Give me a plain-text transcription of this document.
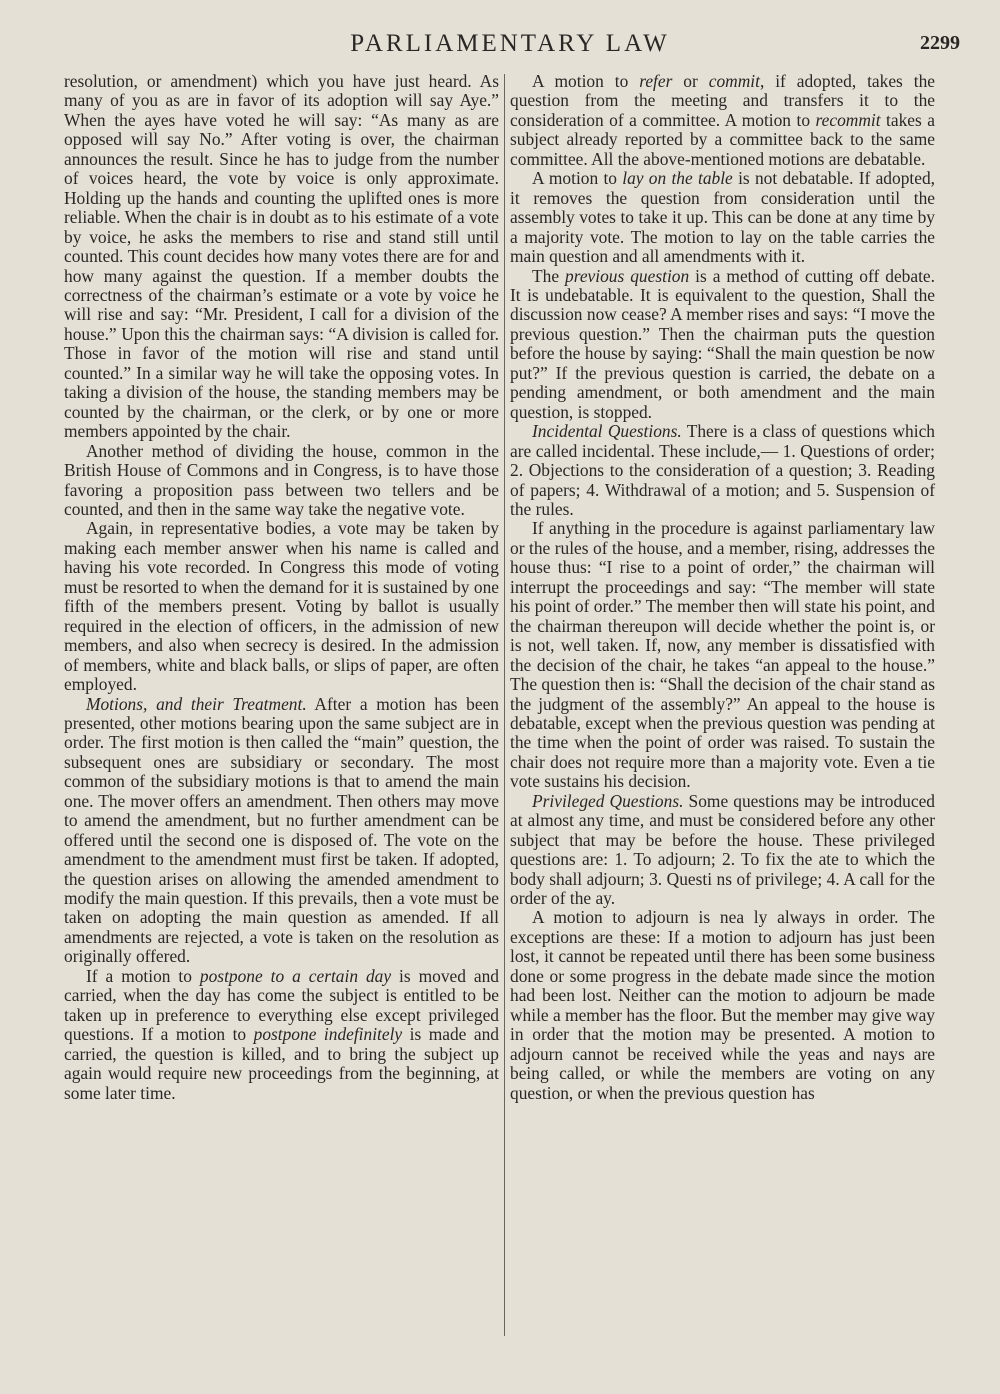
PARLIAMENTARY LAW	2299

resolution, or amendment) which you have just heard. As many of you as are in favor of its adoption will say Aye.” When the ayes have voted he will say: “As many as are opposed will say No.” After voting is over, the chairman announces the result. Since he has to judge from the number of voices heard, the vote by voice is only approximate. Holding up the hands and counting the uplifted ones is more reliable. When the chair is in doubt as to his estimate of a vote by voice, he asks the members to rise and stand still until counted. This count decides how many votes there are for and how many against the question. If a member doubts the correctness of the chairman’s estimate or a vote by voice he will rise and say: “Mr. President, I call for a division of the house.” Upon this the chairman says: “A division is called for. Those in favor of the motion will rise and stand until counted.” In a similar way he will take the opposing votes. In taking a division of the house, the standing members may be counted by the chairman, or the clerk, or by one or more members appointed by the chair.

Another method of dividing the house, common in the British House of Commons and in Congress, is to have those favoring a proposition pass between two tellers and be counted, and then in the same way take the negative vote.

Again, in representative bodies, a vote may be taken by making each member answer when his name is called and having his vote recorded. In Congress this mode of voting must be resorted to when the demand for it is sustained by one fifth of the members present. Voting by ballot is usually required in the election of officers, in the admission of new members, and also when secrecy is desired. In the admission of members, white and black balls, or slips of paper, are often employed.

Motions, and their Treatment. After a motion has been presented, other motions bearing upon the same subject are in order. The first motion is then called the “main” question, the subsequent ones are subsidiary or secondary. The most common of the subsidiary motions is that to amend the main one. The mover offers an amendment. Then others may move to amend the amendment, but no further amendment can be offered until the second one is disposed of. The vote on the amendment to the amendment must first be taken. If adopted, the question arises on allowing the amended amendment to modify the main question. If this prevails, then a vote must be taken on adopting the main question as amended. If all amendments are rejected, a vote is taken on the resolution as originally offered.

If a motion to postpone to a certain day is moved and carried, when the day has come the subject is entitled to be taken up in preference to everything else except privileged questions. If a motion to postpone indefinitely is made and carried, the question is killed, and to bring the subject up again would require new proceedings from the beginning, at some later time.

A motion to refer or commit, if adopted, takes the question from the meeting and transfers it to the consideration of a committee. A motion to recommit takes a subject already reported by a committee back to the same committee. All the above-mentioned motions are debatable.

A motion to lay on the table is not debatable. If adopted, it removes the question from consideration until the assembly votes to take it up. This can be done at any time by a majority vote. The motion to lay on the table carries the main question and all amendments with it.

The previous question is a method of cutting off debate. It is undebatable. It is equivalent to the question, Shall the discussion now cease? A member rises and says: “I move the previous question.” Then the chairman puts the question before the house by saying: “Shall the main question be now put?” If the previous question is carried, the debate on a pending amendment, or both amendment and the main question, is stopped.

Incidental Questions. There is a class of questions which are called incidental. These include,— 1. Questions of order; 2. Objections to the consideration of a question; 3. Reading of papers; 4. Withdrawal of a motion; and 5. Suspension of the rules.

If anything in the procedure is against parliamentary law or the rules of the house, and a member, rising, addresses the house thus: “I rise to a point of order,” the chairman will interrupt the proceedings and say: “The member will state his point of order.” The member then will state his point, and the chairman thereupon will decide whether the point is, or is not, well taken. If, now, any member is dissatisfied with the decision of the chair, he takes “an appeal to the house.” The question then is: “Shall the decision of the chair stand as the judgment of the assembly?” An appeal to the house is debatable, except when the previous question was pending at the time when the point of order was raised. To sustain the chair does not require more than a majority vote. Even a tie vote sustains his decision.

Privileged Questions. Some questions may be introduced at almost any time, and must be considered before any other subject that may be before the house. These privileged questions are: 1. To adjourn; 2. To fix the ate to which the body shall adjourn; 3. Questi ns of privilege; 4. A call for the order of the ay.

A motion to adjourn is nea ly always in order. The exceptions are these: If a motion to adjourn has just been lost, it cannot be repeated until there has been some business done or some progress in the debate made since the motion had been lost. Neither can the motion to adjourn be made while a member has the floor. But the member may give way in order that the motion may be presented. A motion to adjourn cannot be received while the yeas and nays are being called, or while the members are voting on any question, or when the previous question has
